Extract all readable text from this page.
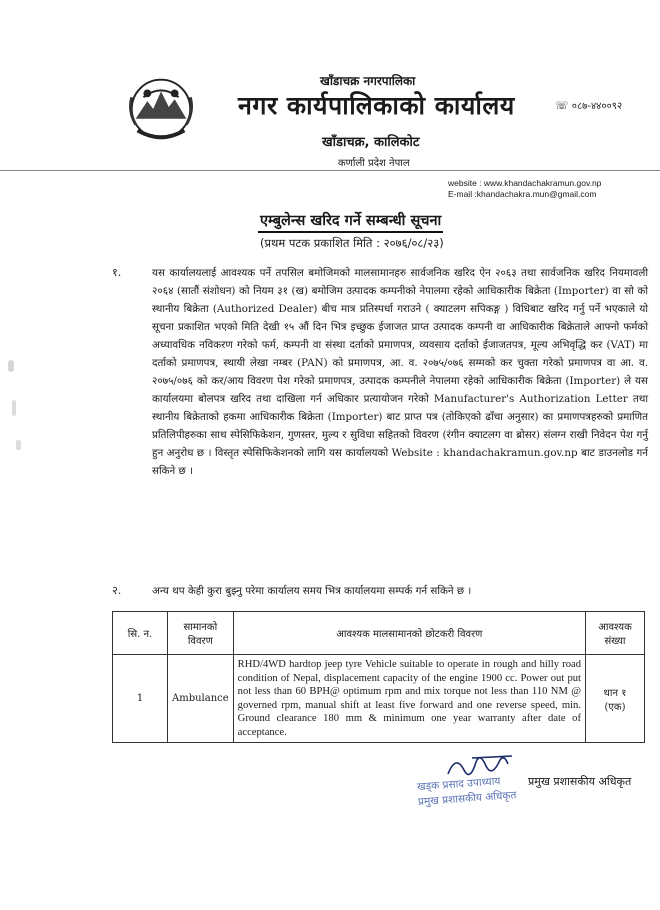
खाँडाचक्र नगरपालिका
नगर कार्यपालिकाको कार्यालय
खाँडाचक्र, कालिकोट
कर्णाली प्रदेश नेपाल
☏ ०८७-४४००९२
website : www.khandachakramun.gov.np
E-mail :khandachakra.mun@gmail.com
एम्बुलेन्स खरिद गर्ने सम्बन्धी सूचना
(प्रथम पटक प्रकाशित मिति : २०७६/०८/२३)
१.	यस कार्यालयलाई आवश्यक पर्ने तपसिल बमोजिमको मालसामानहरु सार्वजनिक खरिद ऐन २०६३ तथा सार्वजनिक खरिद नियमावली २०६४ (सातौं संशोधन) को नियम ३१ (ख) बमोजिम उत्पादक कम्पनीको नेपालमा रहेको आधिकारीक बिक्रेता (Importer) वा सो को स्थानीय बिक्रेता (Authorized Dealer) बीच मात्र प्रतिस्पर्धा गराउने ( क्याटलग सपिकङ्ग ) विधिबाट खरिद गर्नु पर्ने भएकाले यो सूचना प्रकाशित भएको मिति देखी १५ औं दिन भित्र इच्छुक ईजाजत प्राप्त उत्पादक कम्पनी वा आधिकारीक बिक्रेताले आफ्नो फर्मको अध्यावधिक नविकरण गरेको फर्म, कम्पनी वा संस्था दर्ताको प्रमाणपत्र, व्यवसाय दर्ताको ईजाजतपत्र, मूल्य अभिवृद्धि कर (VAT) मा दर्ताको प्रमाणपत्र, स्थायी लेखा नम्बर (PAN) को प्रमाणपत्र, आ. व. २०७५/०७६ सम्मको कर चुक्ता गरेको प्रमाणपत्र वा आ. व. २०७५/०७६ को कर/आय विवरण पेश गरेको प्रमाणपत्र, उत्पादक कम्पनीले नेपालमा रहेको आधिकारीक बिक्रेता (Importer) ले यस कार्यालयमा बोलपत्र खरिद तथा दाखिला गर्न अधिकार प्रत्यायोजन गरेको Manufacturer's Authorization Letter तथा स्थानीय बिक्रेताको हकमा आधिकारीक बिक्रेता (Importer) बाट प्राप्त पत्र (तोकिएको ढाँचा अनुसार) का प्रमाणपत्रहरुको प्रमाणित प्रतिलिपीहरुका साथ स्पेसिफिकेशन, गुणस्तर, मुल्य र सुविधा सहितको विवरण (रंगीन क्याटलग वा ब्रोसर) संलग्न राखी निवेदन पेश गर्नु हुन अनुरोध छ । विस्तृत स्पेसिफिकेशनको लागि यस कार्यालयको Website : khandachakramun.gov.np बाट डाउनलोड गर्न सकिने छ ।
२.	अन्य थप केही कुरा बुझ्नु परेमा कार्यालय समय भित्र कार्यालयमा सम्पर्क गर्न सकिने छ ।
सि. न.	सामानको विवरण	आवश्यक मालसामानको छोटकरी विवरण	आवश्यक संख्या
1	Ambulance	RHD/4WD hardtop jeep tyre Vehicle suitable to operate in rough and hilly road condition of Nepal, displacement capacity of the engine 1900 cc. Power out put not less than 60 BPH@ optimum rpm and mix torque not less than 110 NM @ governed rpm, manual shift at least five forward and one reverse speed, min. Ground clearance 180 mm & minimum one year warranty after date of acceptance.	थान १
(एक)
खड्क प्रसाद उपाध्याय
प्रमुख प्रशासकीय अधिकृत
प्रमुख प्रशासकीय अधिकृत
